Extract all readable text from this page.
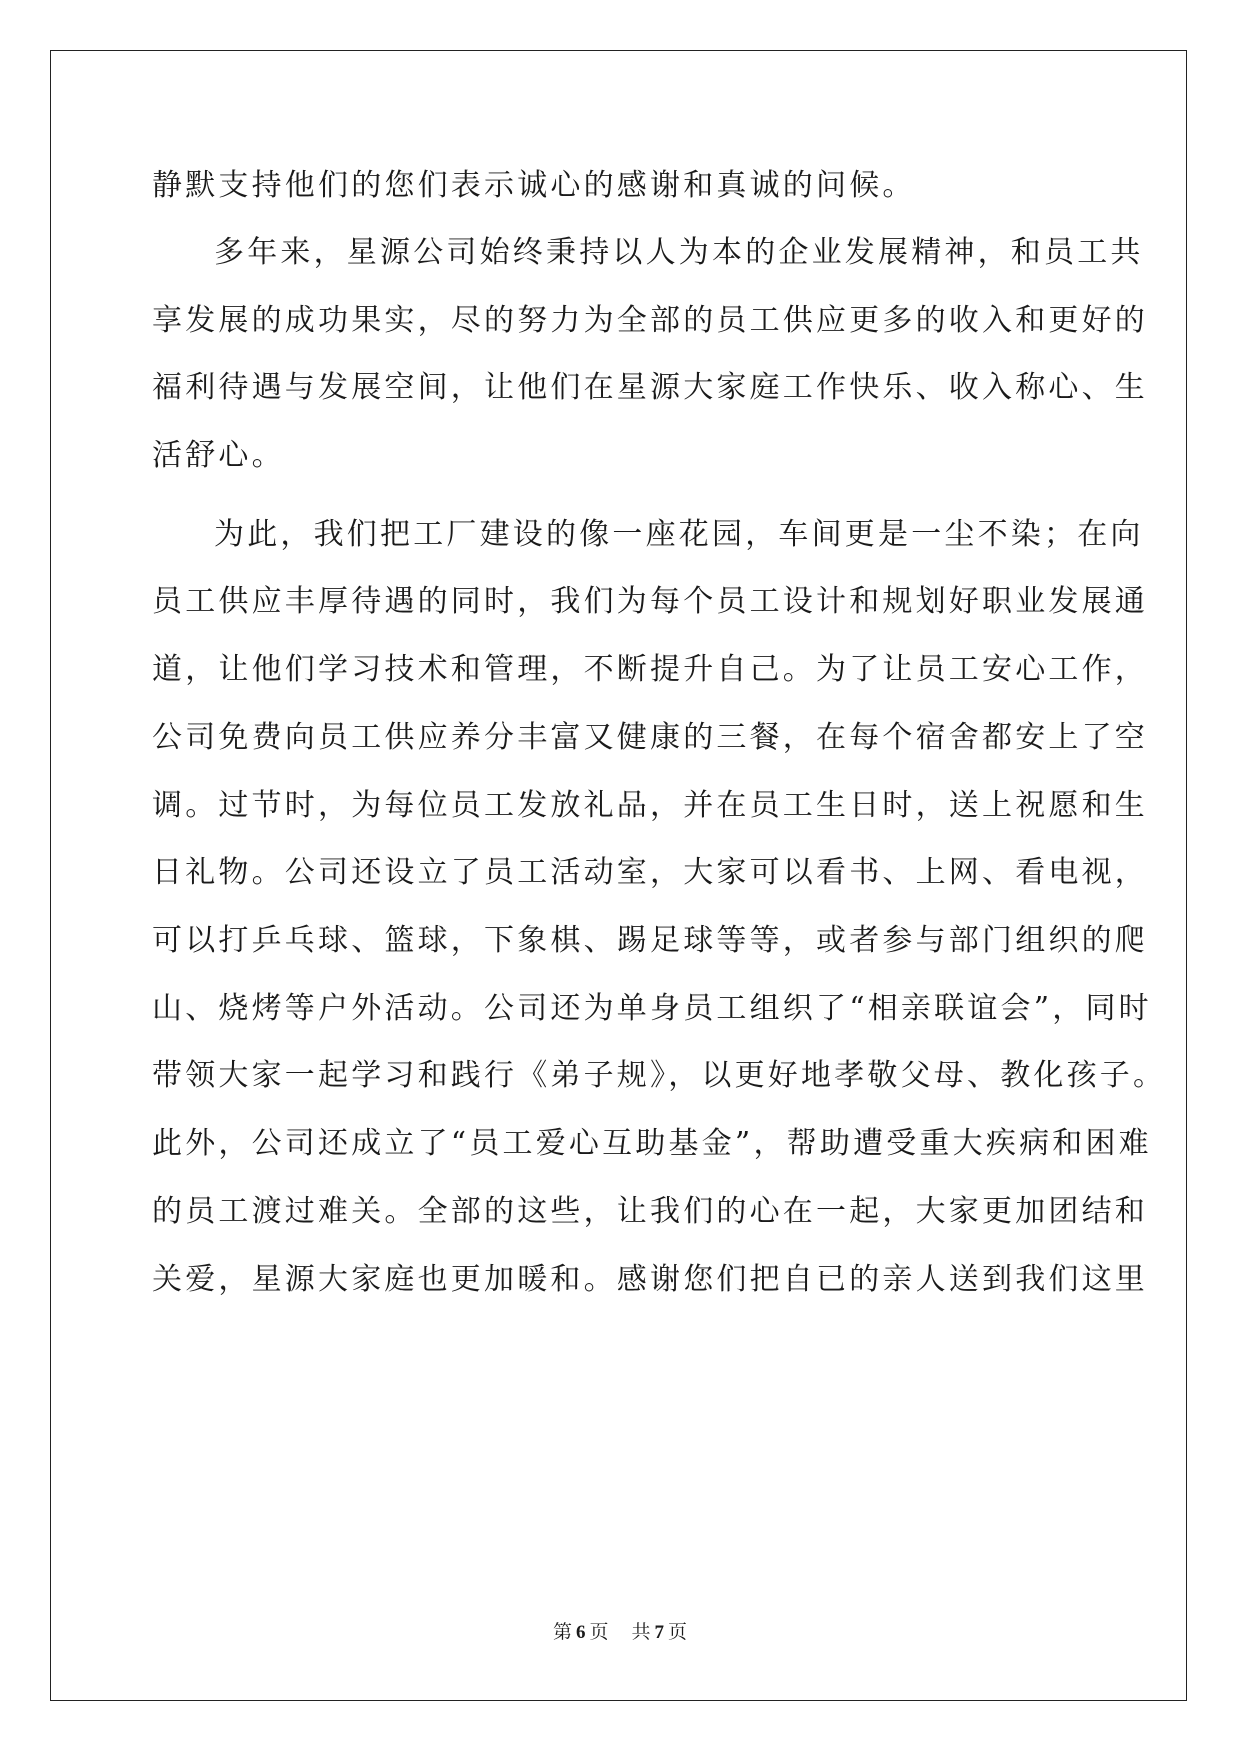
静默支持他们的您们表示诚心的感谢和真诚的问候。
多年来，星源公司始终秉持以人为本的企业发展精神，和员工共
享发展的成功果实，尽的努力为全部的员工供应更多的收入和更好的
福利待遇与发展空间，让他们在星源大家庭工作快乐、收入称心、生
活舒心。
为此，我们把工厂建设的像一座花园，车间更是一尘不染；在向
员工供应丰厚待遇的同时，我们为每个员工设计和规划好职业发展通
道，让他们学习技术和管理，不断提升自己。为了让员工安心工作，
公司免费向员工供应养分丰富又健康的三餐，在每个宿舍都安上了空
调。过节时，为每位员工发放礼品，并在员工生日时，送上祝愿和生
日礼物。公司还设立了员工活动室，大家可以看书、上网、看电视，
可以打乒乓球、篮球，下象棋、踢足球等等，或者参与部门组织的爬
山、烧烤等户外活动。公司还为单身员工组织了“相亲联谊会”，同时
带领大家一起学习和践行《弟子规》，以更好地孝敬父母、教化孩子。
此外，公司还成立了“员工爱心互助基金”，帮助遭受重大疾病和困难
的员工渡过难关。全部的这些，让我们的心在一起，大家更加团结和
关爱，星源大家庭也更加暖和。感谢您们把自已的亲人送到我们这里
第 6 页 共 7 页
